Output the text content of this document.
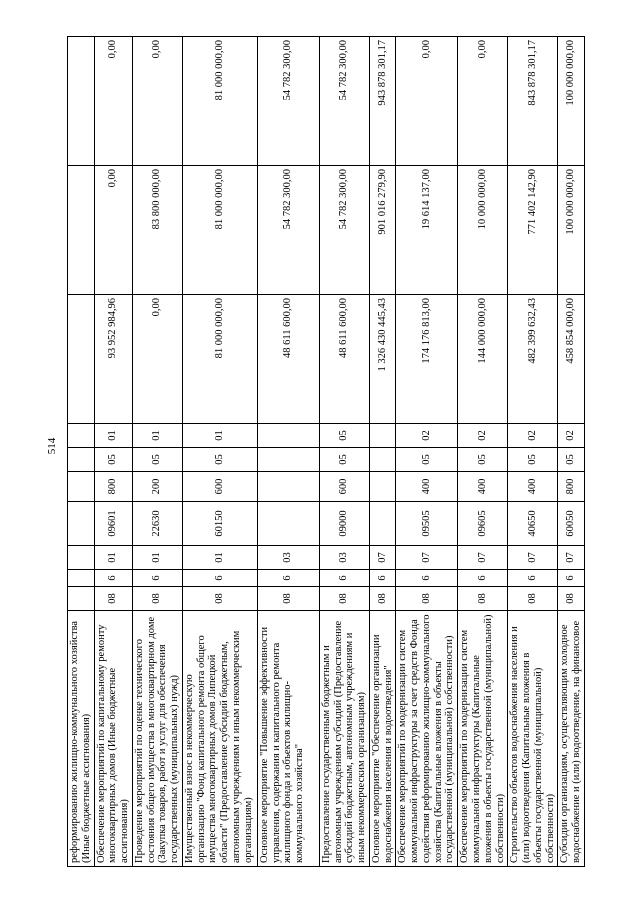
514
реформированию жилищно-коммунального хозяйства (Иные бюджетные ассигнования)										
Обеспечение мероприятий по капитальному ремонту многоквартирных домов (Иные бюджетные ассигнования)	08	6	01	09601	800	05	01	93 952 984,96	0,00	0,00
Проведение мероприятий по оценке технического состояния общего имущества в многоквартирном доме (Закупка товаров, работ и услуг для обеспечения государственных (муниципальных) нужд)	08	6	01	22630	200	05	01	0,00	83 800 000,00	0,00
Имущественный взнос в некоммерческую организацию "Фонд капитального ремонта общего имущества многоквартирных домов Липецкой области" (Предоставление субсидий бюджетным, автономным учреждениям и иным некоммерческим организациям)	08	6	01	60150	600	05	01	81 000 000,00	81 000 000,00	81 000 000,00
Основное мероприятие "Повышение эффективности управления, содержания и капитального ремонта жилищного фонда и объектов жилищно-коммунального хозяйства"	08	6	03					48 611 600,00	54 782 300,00	54 782 300,00
Предоставление государственным бюджетным и автономным учреждениям субсидий (Предоставление субсидий бюджетным, автономным учреждениям и иным некоммерческим организациям)	08	6	03	09000	600	05	05	48 611 600,00	54 782 300,00	54 782 300,00
Основное мероприятие "Обеспечение организации водоснабжения населения и водоотведения"	08	6	07					1 326 430 445,43	901 016 279,90	943 878 301,17
Обеспечение мероприятий по модернизации систем коммунальной инфраструктуры за счет средств Фонда содействия реформированию жилищно-коммунального хозяйства (Капитальные вложения в объекты государственной (муниципальной) собственности)	08	6	07	09505	400	05	02	174 176 813,00	19 614 137,00	0,00
Обеспечение мероприятий по модернизации систем коммунальной инфраструктуры (Капитальные вложения в объекты государственной (муниципальной) собственности)	08	6	07	09605	400	05	02	144 000 000,00	10 000 000,00	0,00
Строительство объектов водоснабжения населения и (или) водоотведения (Капитальные вложения в объекты государственной (муниципальной) собственности)	08	6	07	40650	400	05	02	482 399 632,43	771 402 142,90	843 878 301,17
Субсидии организациям, осуществляющим холодное водоснабжение и (или) водоотведение, на финансовое	08	6	07	60050	800	05	02	458 854 000,00	100 000 000,00	100 000 000,00
